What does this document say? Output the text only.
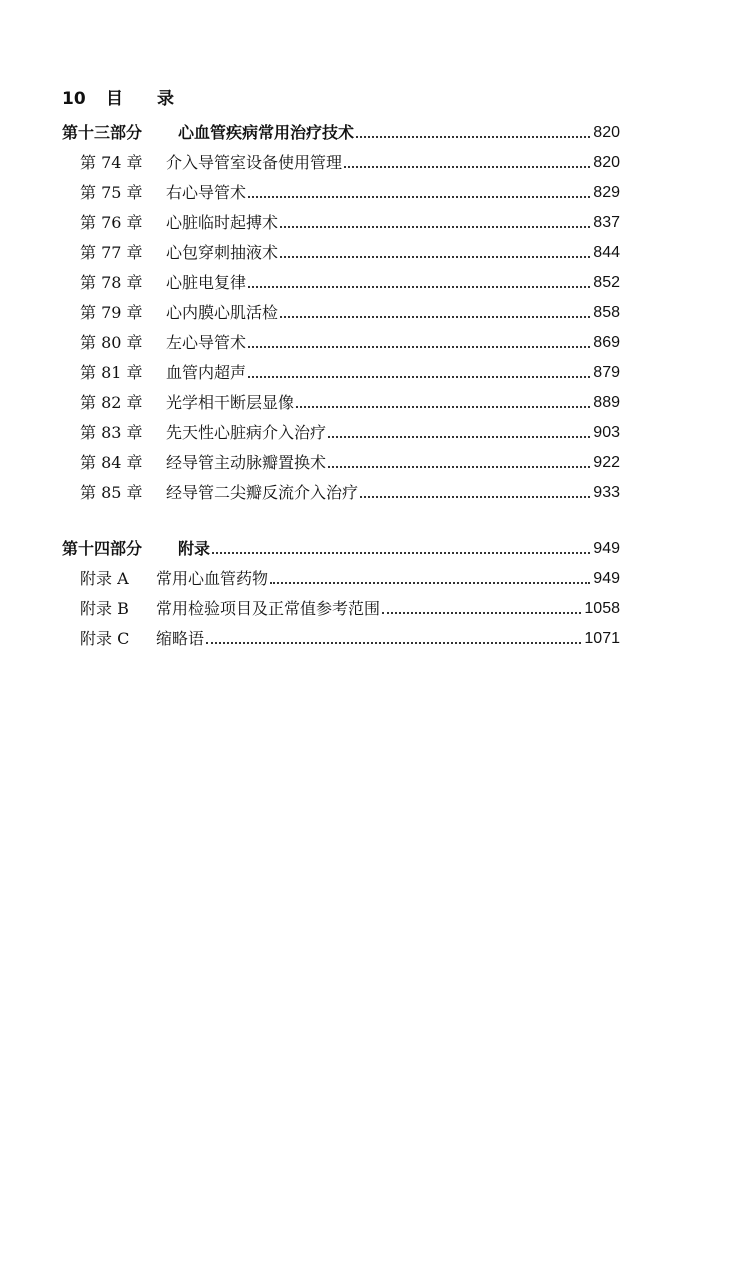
10 目录
第十三部分	心血管疾病常用治疗技术	820
第 74 章	介入导管室设备使用管理	820
第 75 章	右心导管术	829
第 76 章	心脏临时起搏术	837
第 77 章	心包穿刺抽液术	844
第 78 章	心脏电复律	852
第 79 章	心内膜心肌活检	858
第 80 章	左心导管术	869
第 81 章	血管内超声	879
第 82 章	光学相干断层显像	889
第 83 章	先天性心脏病介入治疗	903
第 84 章	经导管主动脉瓣置换术	922
第 85 章	经导管二尖瓣反流介入治疗	933
第十四部分	附录	949
附录 A	常用心血管药物	949
附录 B	常用检验项目及正常值参考范围	1058
附录 C	缩略语	1071
